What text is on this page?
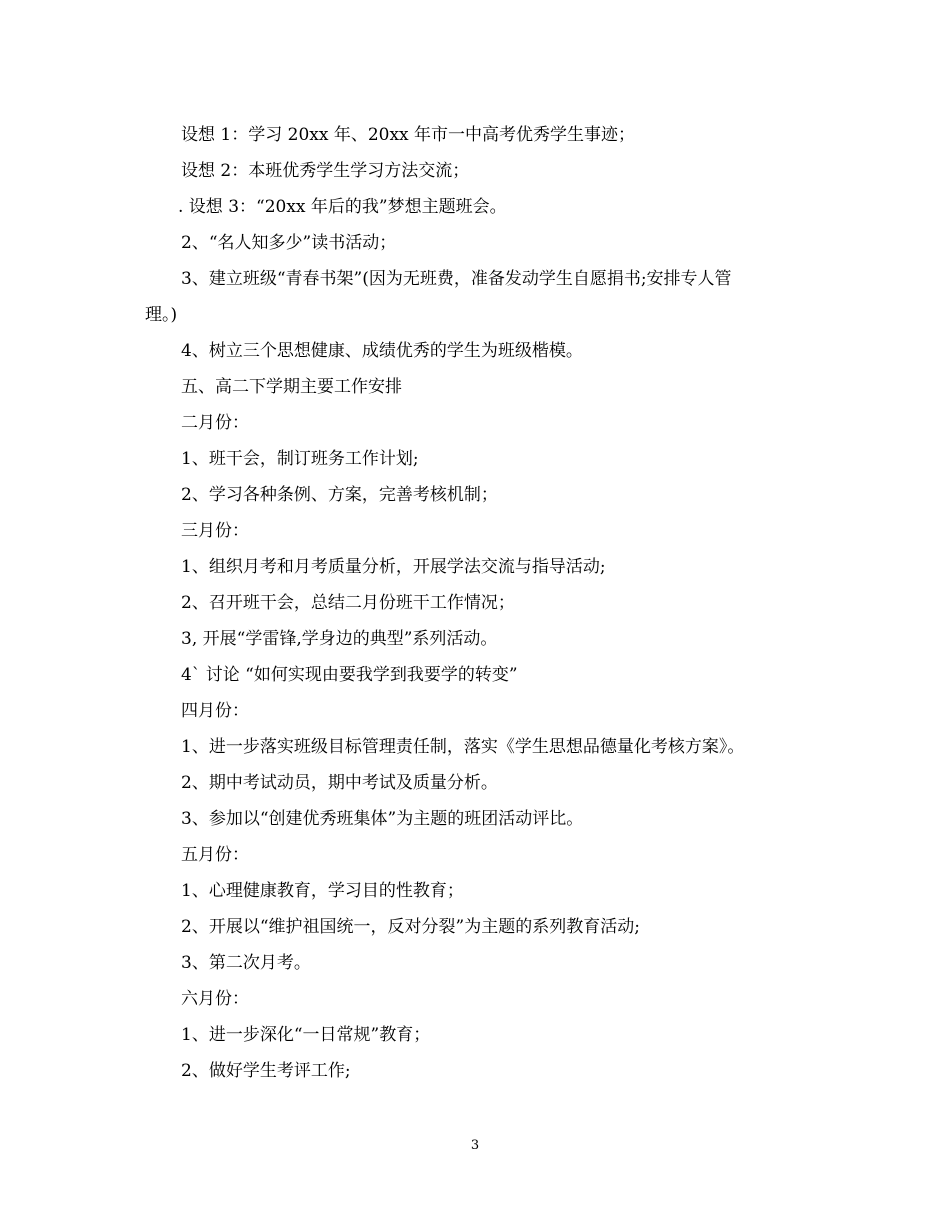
设想 1：学习 20xx 年、20xx 年市一中高考优秀学生事迹；
设想 2：本班优秀学生学习方法交流；
. 设想 3：“20xx 年后的我”梦想主题班会。
2、“名人知多少”读书活动；
3、建立班级“青春书架”(因为无班费，准备发动学生自愿捐书;安排专人管
理。)
4、树立三个思想健康、成绩优秀的学生为班级楷模。
五、高二下学期主要工作安排
二月份：
1、班干会，制订班务工作计划;
2、学习各种条例、方案，完善考核机制；
三月份：
1、组织月考和月考质量分析，开展学法交流与指导活动;
2、召开班干会，总结二月份班干工作情况；
3, 开展“学雷锋,学身边的典型”系列活动。
4` 讨论 “如何实现由要我学到我要学的转变”
四月份：
1、进一步落实班级目标管理责任制，落实《学生思想品德量化考核方案》。
2、期中考试动员，期中考试及质量分析。
3、参加以“创建优秀班集体”为主题的班团活动评比。
五月份：
1、心理健康教育，学习目的性教育；
2、开展以“维护祖国统一，反对分裂”为主题的系列教育活动;
3、第二次月考。
六月份：
1、进一步深化“一日常规”教育；
2、做好学生考评工作;
3
